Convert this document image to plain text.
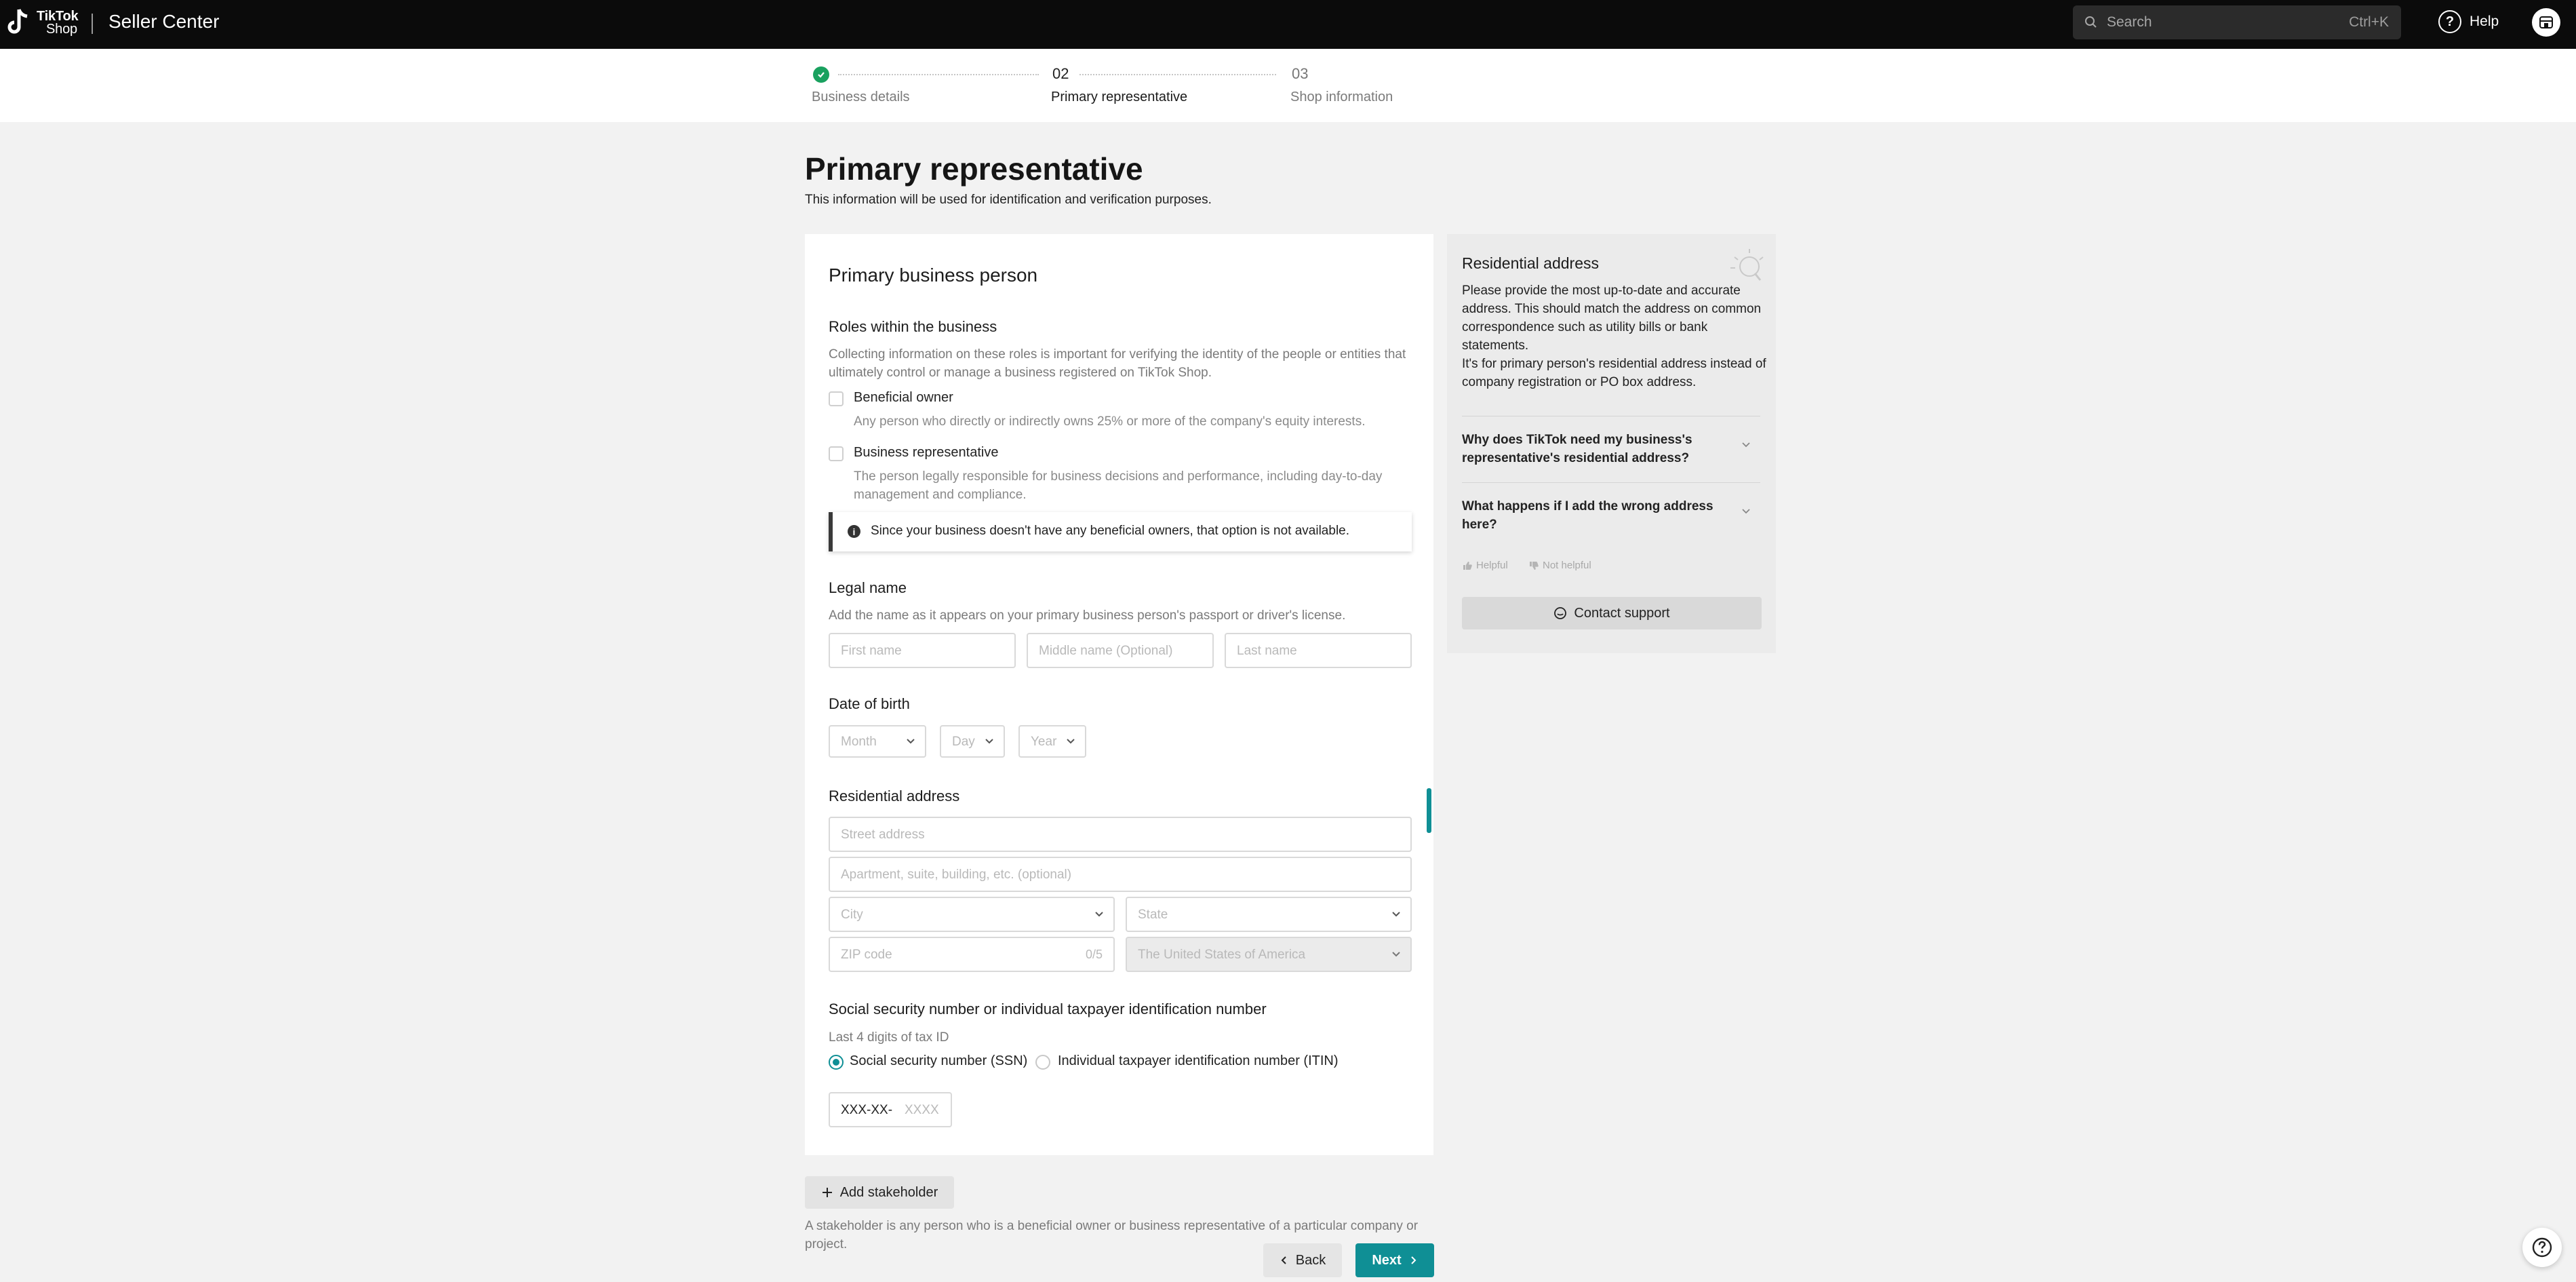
TikTok
Shop Seller Center	Search	Ctrl+K	?	Help
02	03
Business details	Primary representative	Shop information
Primary representative
This information will be used for identification and verification purposes.
Primary business person
Roles within the business
Collecting information on these roles is important for verifying the identity of the people or entities that ultimately control or manage a business registered on TikTok Shop.
Beneficial owner
Any person who directly or indirectly owns 25% or more of the company's equity interests.
Business representative
The person legally responsible for business decisions and performance, including day-to-day management and compliance.
i	Since your business doesn't have any beneficial owners, that option is not available.
Legal name
Add the name as it appears on your primary business person's passport or driver's license.
First name	Middle name (Optional)	Last name
Date of birth
Month	Day	Year
Residential address
Street address
Apartment, suite, building, etc. (optional)
City	State
ZIP code	0/5	The United States of America
Social security number or individual taxpayer identification number
Last 4 digits of tax ID
Social security number (SSN) Individual taxpayer identification number (ITIN)
XXX-XX- XXXX
Residential address
Please provide the most up-to-date and accurate address. This should match the address on common correspondence such as utility bills or bank statements.
It's for primary person's residential address instead of company registration or PO box address.
Why does TikTok need my business's representative's residential address?
What happens if I add the wrong address here?
Helpful	Not helpful
Contact support
Add stakeholder
A stakeholder is any person who is a beneficial owner or business representative of a particular company or project.
Back	Next
